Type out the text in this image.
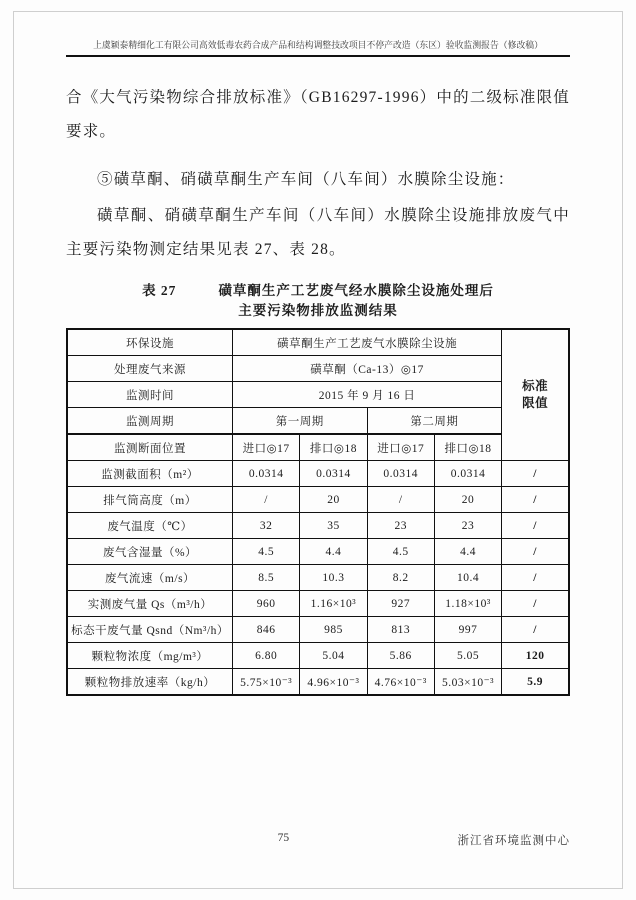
上虞颖泰精细化工有限公司高效低毒农药合成产品和结构调整技改项目不停产改造（东区）验收监测报告（修改稿）

合《大气污染物综合排放标准》（GB16297-1996）中的二级标准限值要求。

⑤磺草酮、硝磺草酮生产车间（八车间）水膜除尘设施：

磺草酮、硝磺草酮生产车间（八车间）水膜除尘设施排放废气中主要污染物测定结果见表 27、表 28。

表 27	磺草酮生产工艺废气经水膜除尘设施处理后
主要污染物排放监测结果
环保设施	磺草酮生产工艺废气水膜除尘设施				标准
限值

处理废气来源	磺草酮（Ca-13）◎17				
监测时间	2015 年 9 月 16 日				
监测周期	第一周期		第二周期		
监测断面位置	进口◎17	排口◎18	进口◎17	排口◎18	
监测截面积（m²）	0.0314	0.0314	0.0314	0.0314	/
排气筒高度（m）	/	20	/	20	/
废气温度（℃）	32	35	23	23	/
废气含湿量（%）	4.5	4.4	4.5	4.4	/
废气流速（m/s）	8.5	10.3	8.2	10.4	/
实测废气量 Qs（m³/h）	960	1.16×10³	927	1.18×10³	/
标态干废气量 Qsnd（Nm³/h）	846	985	813	997	/
颗粒物浓度（mg/m³）	6.80	5.04	5.86	5.05	120
颗粒物排放速率（kg/h）	5.75×10⁻³	4.96×10⁻³	4.76×10⁻³	5.03×10⁻³	5.9
75	浙江省环境监测中心
